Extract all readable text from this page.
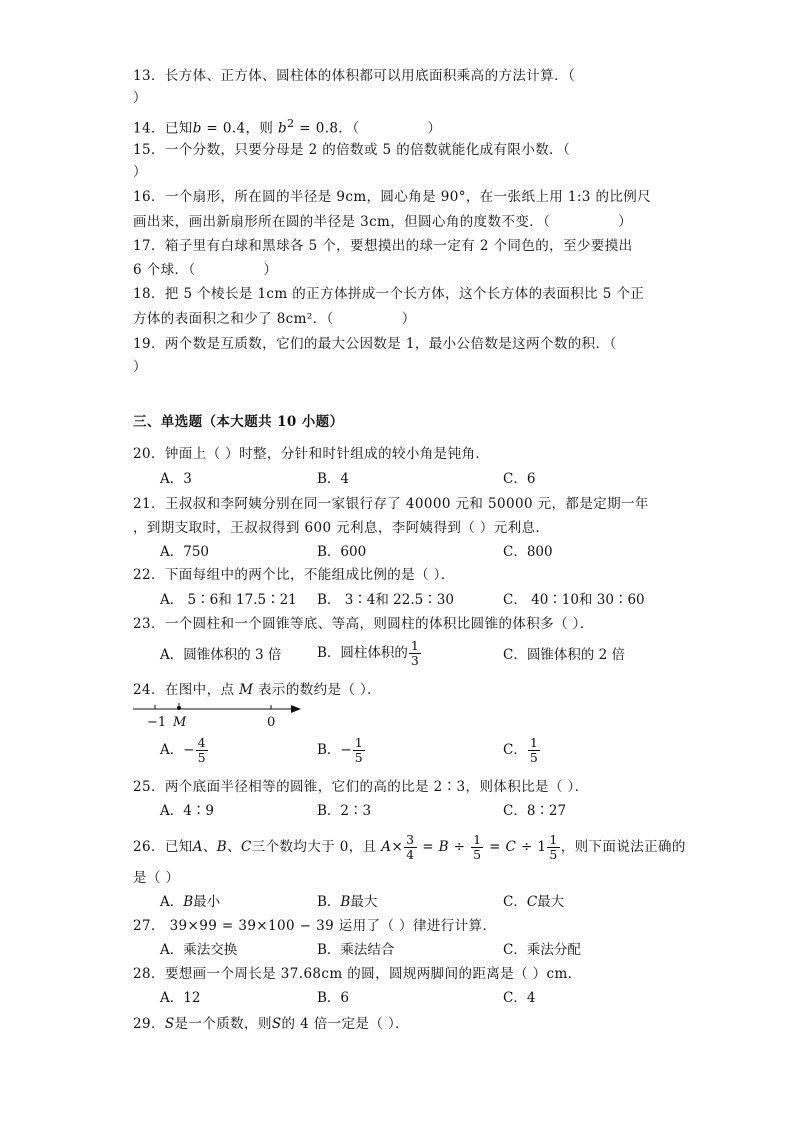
13．长方体、正方体、圆柱体的体积都可以用底面积乘高的方法计算．（
）
14．已知b = 0.4，则 $b^2 = 0.8$．（	）
15．一个分数，只要分母是 2 的倍数或 5 的倍数就能化成有限小数．（
）
16．一个扇形，所在圆的半径是 9cm，圆心角是 90°，在一张纸上用 1:3 的比例尺
画出来，画出新扇形所在圆的半径是 3cm，但圆心角的度数不变．（	）
17．箱子里有白球和黑球各 5 个，要想摸出的球一定有 2 个同色的，至少要摸出
6 个球．（	）
18．把 5 个棱长是 1cm 的正方体拼成一个长方体，这个长方体的表面积比 5 个正
方体的表面积之和少了 8cm²．（	）
19．两个数是互质数，它们的最大公因数是 1，最小公倍数是这两个数的积．（
）
三、单选题（本大题共 10 小题）
20．钟面上（ ）时整，分针和时针组成的较小角是钝角．
A．3	B．4	C．6
21．王叔叔和李阿姨分别在同一家银行存了 40000 元和 50000 元，都是定期一年
，到期支取时，王叔叔得到 600 元利息，李阿姨得到（ ）元利息．
A．750	B．600	C．800
22．下面每组中的两个比，不能组成比例的是（ ）．
A． 5∶6和 17.5∶21 B． 3∶4和 22.5∶30	C． 40∶10和 30∶60
23．一个圆柱和一个圆锥等底、等高，则圆柱的体积比圆锥的体积多（ ）．
A．圆锥体积的 3 倍	B．圆柱体积的 $\frac{1}{3}$	C．圆锥体积的 2 倍
24．在图中，点 M 表示的数约是（ ）．
−1 M	0
A．− $\frac{4}{5}$	B．− $\frac{1}{5}$	C． $\frac{1}{5}$
25．两个底面半径相等的圆锥，它们的高的比是 2∶3，则体积比是（ ）．
A．4∶9	B．2∶3	C．8∶27
26．已知A、B、C三个数均大于 0，且 $A\times \frac{3}{4} = B \div \frac{1}{5} = C \div 1 \frac{1}{5}$ ，则下面说法正确的
是（ ）
A．B最小	B．B最大	C．C最大
27． 39×99 = 39×100 − 39 运用了（ ）律进行计算．
A．乘法交换	B．乘法结合	C．乘法分配
28．要想画一个周长是 37.68cm 的圆，圆规两脚间的距离是（ ）cm．
A．12	B．6	C．4
29．S是一个质数，则S的 4 倍一定是（ ）．
